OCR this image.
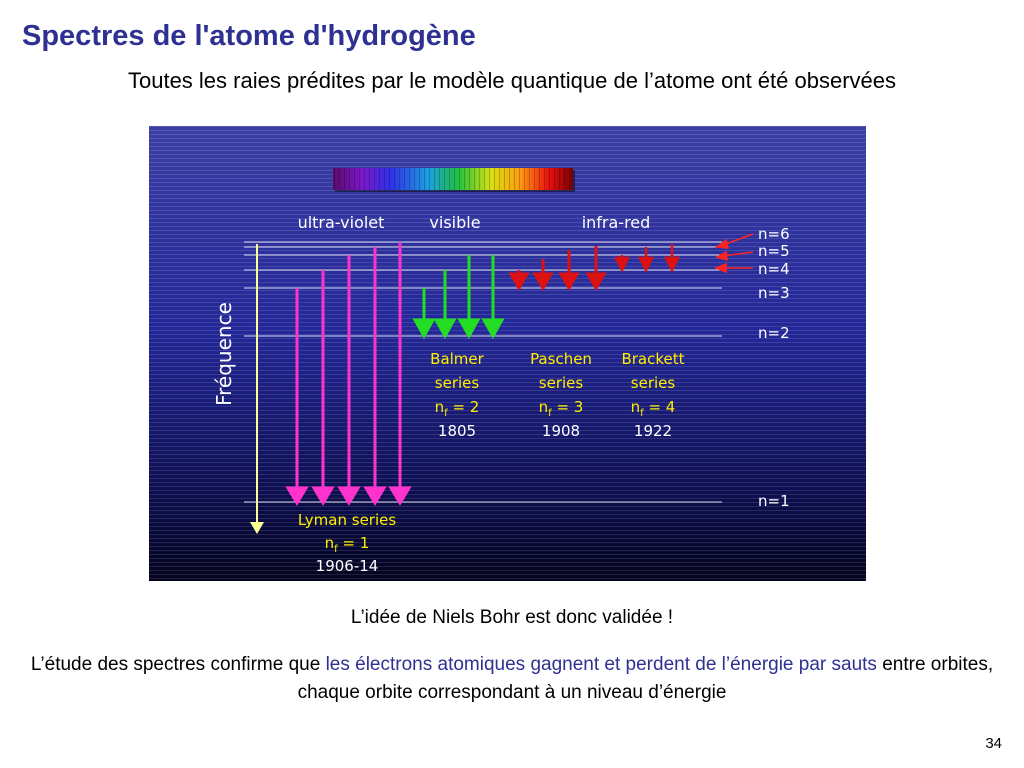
Spectres de l'atome d'hydrogène
Toutes les raies prédites par le modèle quantique de l’atome ont été observées
ultra-violet	visible	infra-red
n=6
n=5
n=4
n=3
n=2
n=1
Fréquence
Lyman series
$n_f = 1$
1906-14
Balmer
series
$n_f = 2$
1805
Paschen
series
$n_f = 3$
1908
Brackett
series
$n_f = 4$
1922
L’idée de Niels Bohr est donc validée !
L’étude des spectres confirme que les électrons atomiques gagnent et perdent de l’énergie par sauts entre orbites, chaque orbite correspondant à un niveau d’énergie
34
